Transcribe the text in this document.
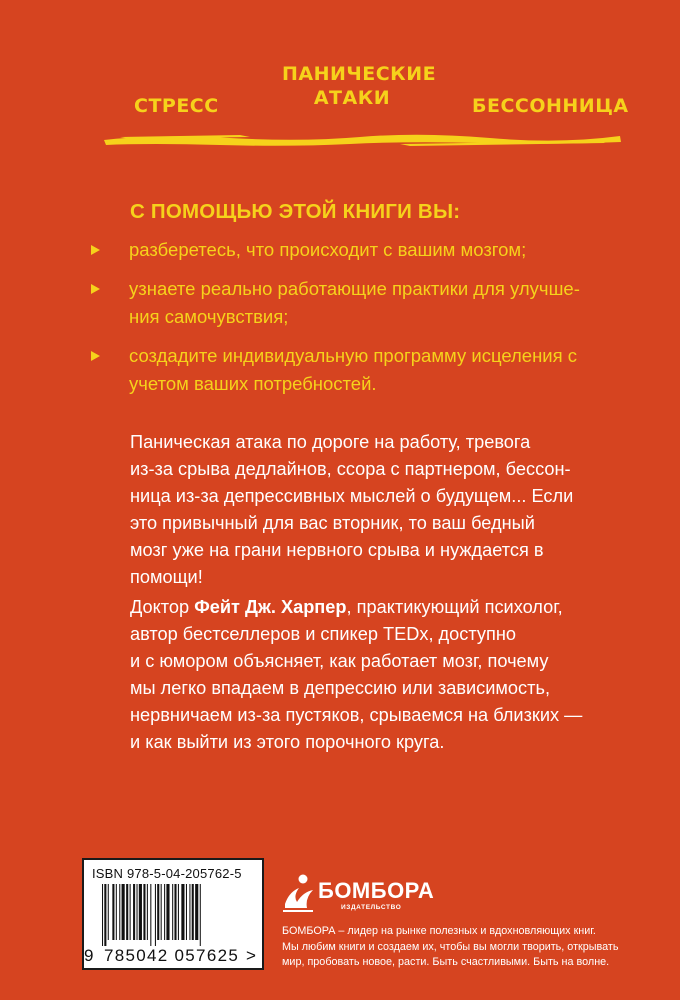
СТРЕСС
ПАНИЧЕСКИЕ
АТАКИ	БЕССОННИЦА
С ПОМОЩЬЮ ЭТОЙ КНИГИ ВЫ:
разберетесь, что происходит с вашим мозгом;
узнаете реально работающие практики для улучше-
ния самочувствия;
создадите индивидуальную программу исцеления с
учетом ваших потребностей.

Паническая атака по дороге на работу, тревога
из-за срыва дедлайнов, ссора с партнером, бессон-
ница из-за депрессивных мыслей о будущем... Если
это привычный для вас вторник, то ваш бедный
мозг уже на грани нервного срыва и нуждается в
помощи!

Доктор Фейт Дж. Харпер, практикующий психолог,
автор бестселлеров и спикер TEDx, доступно
и с юмором объясняет, как работает мозг, почему
мы легко впадаем в депрессию или зависимость,
нервничаем из-за пустяков, срываемся на близких —
и как выйти из этого порочного круга.

ISBN 978-5-04-205762-5
9 785042 057625 >
БОМБОРА
ИЗДАТЕЛЬСТВО

БОМБОРА – лидер на рынке полезных и вдохновляющих книг.
Мы любим книги и создаем их, чтобы вы могли творить, открывать
мир, пробовать новое, расти. Быть счастливыми. Быть на волне.
